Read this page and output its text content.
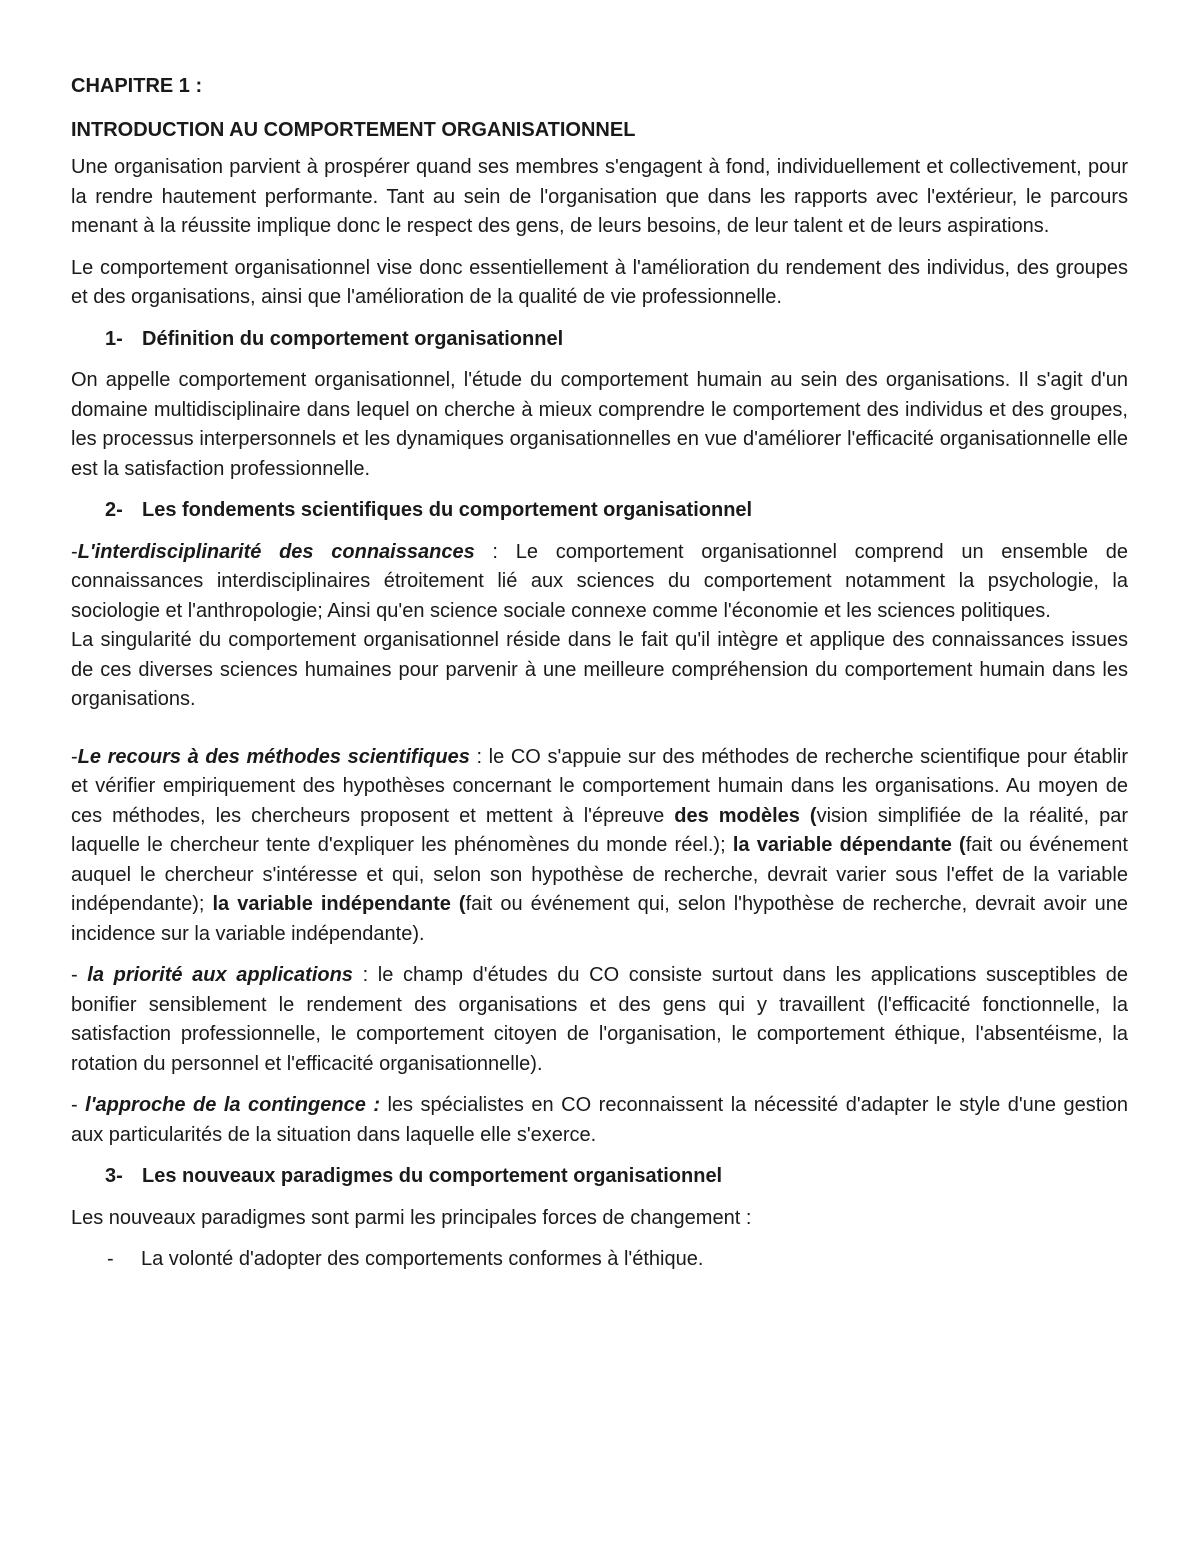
CHAPITRE 1 :
INTRODUCTION AU COMPORTEMENT ORGANISATIONNEL

Une organisation parvient à prospérer quand ses membres s'engagent à fond, individuellement et collectivement, pour la rendre hautement performante. Tant au sein de l'organisation que dans les rapports avec l'extérieur, le parcours menant à la réussite implique donc le respect des gens, de leurs besoins, de leur talent et de leurs aspirations.

Le comportement organisationnel vise donc essentiellement à l'amélioration du rendement des individus, des groupes et des organisations, ainsi que l'amélioration de la qualité de vie professionnelle.

1- Définition du comportement organisationnel

On appelle comportement organisationnel, l'étude du comportement humain au sein des organisations. Il s'agit d'un domaine multidisciplinaire dans lequel on cherche à mieux comprendre le comportement des individus et des groupes, les processus interpersonnels et les dynamiques organisationnelles en vue d'améliorer l'efficacité organisationnelle elle est la satisfaction professionnelle.

2- Les fondements scientifiques du comportement organisationnel

-L'interdisciplinarité des connaissances : Le comportement organisationnel comprend un ensemble de connaissances interdisciplinaires étroitement lié aux sciences du comportement notamment la psychologie, la sociologie et l'anthropologie; Ainsi qu'en science sociale connexe comme l'économie et les sciences politiques.

La singularité du comportement organisationnel réside dans le fait qu'il intègre et applique des connaissances issues de ces diverses sciences humaines pour parvenir à une meilleure compréhension du comportement humain dans les organisations.

-Le recours à des méthodes scientifiques : le CO s'appuie sur des méthodes de recherche scientifique pour établir et vérifier empiriquement des hypothèses concernant le comportement humain dans les organisations. Au moyen de ces méthodes, les chercheurs proposent et mettent à l'épreuve des modèles (vision simplifiée de la réalité, par laquelle le chercheur tente d'expliquer les phénomènes du monde réel.); la variable dépendante (fait ou événement auquel le chercheur s'intéresse et qui, selon son hypothèse de recherche, devrait varier sous l'effet de la variable indépendante); la variable indépendante (fait ou événement qui, selon l'hypothèse de recherche, devrait avoir une incidence sur la variable indépendante).

- la priorité aux applications : le champ d'études du CO consiste surtout dans les applications susceptibles de bonifier sensiblement le rendement des organisations et des gens qui y travaillent (l'efficacité fonctionnelle, la satisfaction professionnelle, le comportement citoyen de l'organisation, le comportement éthique, l'absentéisme, la rotation du personnel et l'efficacité organisationnelle).

- l'approche de la contingence : les spécialistes en CO reconnaissent la nécessité d'adapter le style d'une gestion aux particularités de la situation dans laquelle elle s'exerce.

3- Les nouveaux paradigmes du comportement organisationnel

Les nouveaux paradigmes sont parmi les principales forces de changement :

-	La volonté d'adopter des comportements conformes à l'éthique.
